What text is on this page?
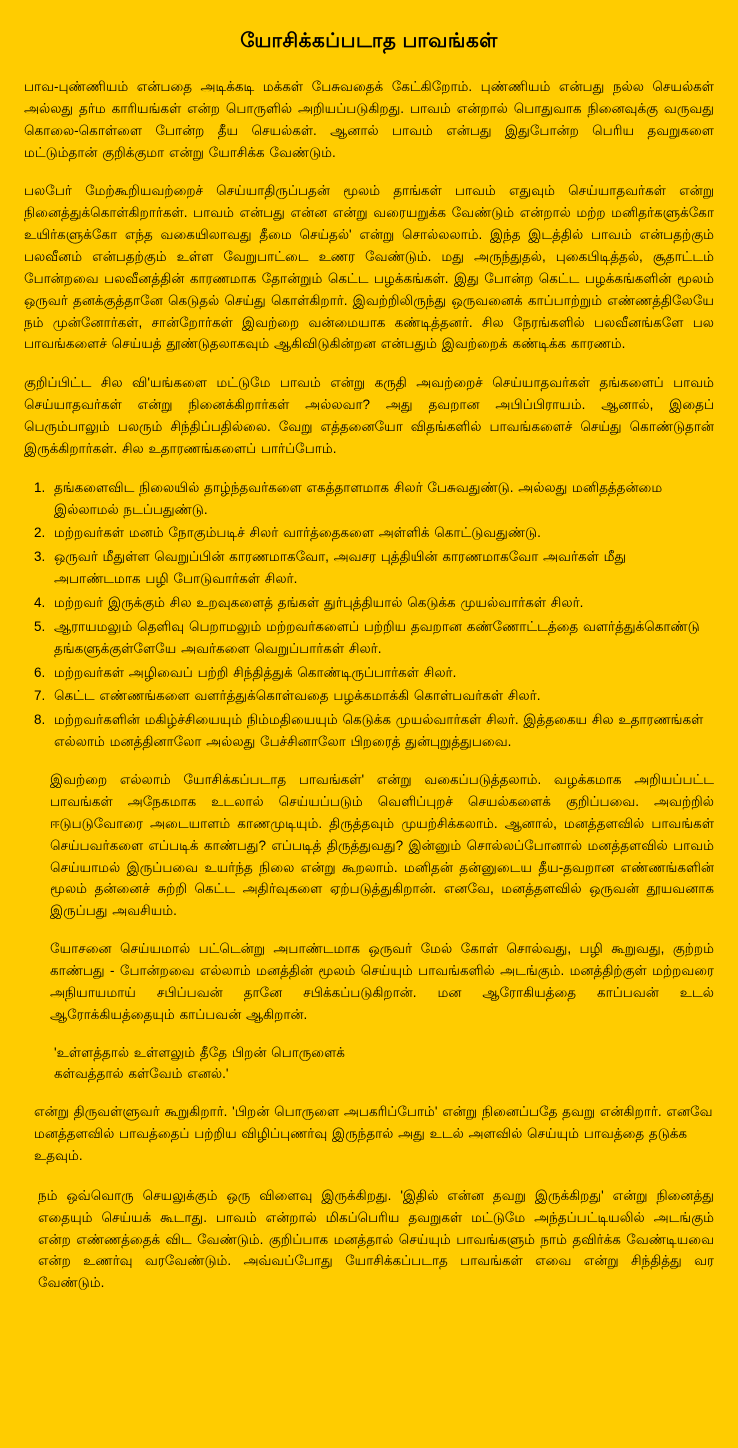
யோசிக்கப்படாத பாவங்கள்

பாவ-புண்ணியம் என்பதை அடிக்கடி மக்கள் பேசுவதைக் கேட்கிறோம். புண்ணியம் என்பது நல்ல செயல்கள் அல்லது தர்ம காரியங்கள் என்ற பொருளில் அறியப்படுகிறது. பாவம் என்றால் பொதுவாக நினைவுக்கு வருவது கொலை-கொள்ளை போன்ற தீய செயல்கள். ஆனால் பாவம் என்பது இதுபோன்ற பெரிய தவறுகளை மட்டும்தான் குறிக்குமா என்று யோசிக்க வேண்டும்.

பலபேர் மேற்கூறியவற்றைச் செய்யாதிருப்பதன் மூலம் தாங்கள் பாவம் எதுவும் செய்யாதவர்கள் என்று நினைத்துக்கொள்கிறார்கள். பாவம் என்பது என்ன என்று வரையறுக்க வேண்டும் என்றால் மற்ற மனிதர்களுக்கோ உயிர்களுக்கோ எந்த வகையிலாவது தீமை செய்தல்' என்று சொல்லலாம். இந்த இடத்தில் பாவம் என்பதற்கும் பலவீனம் என்பதற்கும் உள்ள வேறுபாட்டை உணர வேண்டும். மது அருந்துதல், புகைபிடித்தல், சூதாட்டம் போன்றவை பலவீனத்தின் காரணமாக தோன்றும் கெட்ட பழக்கங்கள். இது போன்ற கெட்ட பழக்கங்களின் மூலம் ஒருவர் தனக்குத்தானே கெடுதல் செய்து கொள்கிறார். இவற்றிலிருந்து ஒருவனைக் காப்பாற்றும் எண்ணத்திலேயே நம் முன்னோர்கள், சான்றோர்கள் இவற்றை வன்மையாக கண்டித்தனர். சில நேரங்களில் பலவீனங்களே பல பாவங்களைச் செய்யத் தூண்டுதலாகவும் ஆகிவிடுகின்றன என்பதும் இவற்றைக் கண்டிக்க காரணம்.

குறிப்பிட்ட சில வி'யங்களை மட்டுமே பாவம் என்று கருதி அவற்றைச் செய்யாதவர்கள் தங்களைப் பாவம் செய்யாதவர்கள் என்று நினைக்கிறார்கள் அல்லவா? அது தவறான அபிப்பிராயம். ஆனால், இதைப் பெரும்பாலும் பலரும் சிந்திப்பதில்லை. வேறு எத்தனையோ விதங்களில் பாவங்களைச் செய்து கொண்டுதான் இருக்கிறார்கள். சில உதாரணங்களைப் பார்ப்போம்.

1. தங்களைவிட நிலையில் தாழ்ந்தவர்களை எகத்தாளமாக சிலர் பேசுவதுண்டு. அல்லது மனிதத்தன்மை இல்லாமல் நடப்பதுண்டு.
2. மற்றவர்கள் மனம் நோகும்படிச் சிலர் வார்த்தைகளை அள்ளிக் கொட்டுவதுண்டு.
3. ஒருவர் மீதுள்ள வெறுப்பின் காரணமாகவோ, அவசர புத்தியின் காரணமாகவோ அவர்கள் மீது அபாண்டமாக பழி போடுவார்கள் சிலர்.
4. மற்றவர் இருக்கும் சில உறவுகளைத் தங்கள் துர்புத்தியால் கெடுக்க முயல்வார்கள் சிலர்.
5. ஆராயமலும் தெளிவு பெறாமலும் மற்றவர்களைப் பற்றிய தவறான கண்ணோட்டத்தை வளர்த்துக்கொண்டு தங்களுக்குள்ளேயே அவர்களை வெறுப்பார்கள் சிலர்.
6. மற்றவர்கள் அழிவைப் பற்றி சிந்தித்துக் கொண்டிருப்பார்கள் சிலர்.
7. கெட்ட எண்ணங்களை வளர்த்துக்கொள்வதை பழக்கமாக்கி கொள்பவர்கள் சிலர்.
8. மற்றவர்களின் மகிழ்ச்சியையும் நிம்மதியையும் கெடுக்க முயல்வார்கள் சிலர். இத்தகைய சில உதாரணங்கள் எல்லாம் மனத்தினாலோ அல்லது பேச்சினாலோ பிறரைத் துன்புறுத்துபவை.
இவற்றை எல்லாம் யோசிக்கப்படாத பாவங்கள்' என்று வகைப்படுத்தலாம். வழக்கமாக அறியப்பட்ட பாவங்கள் அநேகமாக உடலால் செய்யப்படும் வெளிப்புறச் செயல்களைக் குறிப்பவை. அவற்றில் ஈடுபடுவோரை அடையாளம் காணமுடியும். திருத்தவும் முயற்சிக்கலாம். ஆனால், மனத்தளவில் பாவங்கள் செய்பவர்களை எப்படிக் காண்பது? எப்படித் திருத்துவது? இன்னும் சொல்லப்போனால் மனத்தளவில் பாவம் செய்யாமல் இருப்பவை உயர்ந்த நிலை என்று கூறலாம். மனிதன் தன்னுடைய தீய-தவறான எண்ணங்களின் மூலம் தன்னைச் சுற்றி கெட்ட அதிர்வுகளை ஏற்படுத்துகிறான். எனவே, மனத்தளவில் ஒருவன் தூயவனாக இருப்பது அவசியம்.
யோசனை செய்யமால் பட்டென்று அபாண்டமாக ஒருவர் மேல் கோள் சொல்வது, பழி கூறுவது, குற்றம் காண்பது - போன்றவை எல்லாம் மனத்தின் மூலம் செய்யும் பாவங்களில் அடங்கும். மனத்திற்குள் மற்றவரை அநியாயமாய் சபிப்பவன் தானே சபிக்கப்படுகிறான். மன ஆரோகியத்தை காப்பவன் உடல் ஆரோக்கியத்தையும் காப்பவன் ஆகிறான்.
'உள்ளத்தால் உள்ளலும் தீதே பிறன் பொருளைக்
கள்வத்தால் கள்வேம் எனல்.'
என்று திருவள்ளுவர் கூறுகிறார். 'பிறன் பொருளை அபகரிப்போம்' என்று நினைப்பதே தவறு என்கிறார். எனவே மனத்தளவில் பாவத்தைப் பற்றிய விழிப்புணர்வு இருந்தால் அது உடல் அளவில் செய்யும் பாவத்தை தடுக்க உதவும்.
நம் ஒவ்வொரு செயலுக்கும் ஒரு விளைவு இருக்கிறது. 'இதில் என்ன தவறு இருக்கிறது' என்று நினைத்து எதையும் செய்யக் கூடாது. பாவம் என்றால் மிகப்பெரிய தவறுகள் மட்டுமே அந்தப்பட்டியலில் அடங்கும் என்ற எண்ணத்தைக் விட வேண்டும். குறிப்பாக மனத்தால் செய்யும் பாவங்களும் நாம் தவிர்க்க வேண்டியவை என்ற உணர்வு வரவேண்டும். அவ்வப்போது யோசிக்கப்படாத பாவங்கள் எவை என்று சிந்தித்து வர வேண்டும்.
